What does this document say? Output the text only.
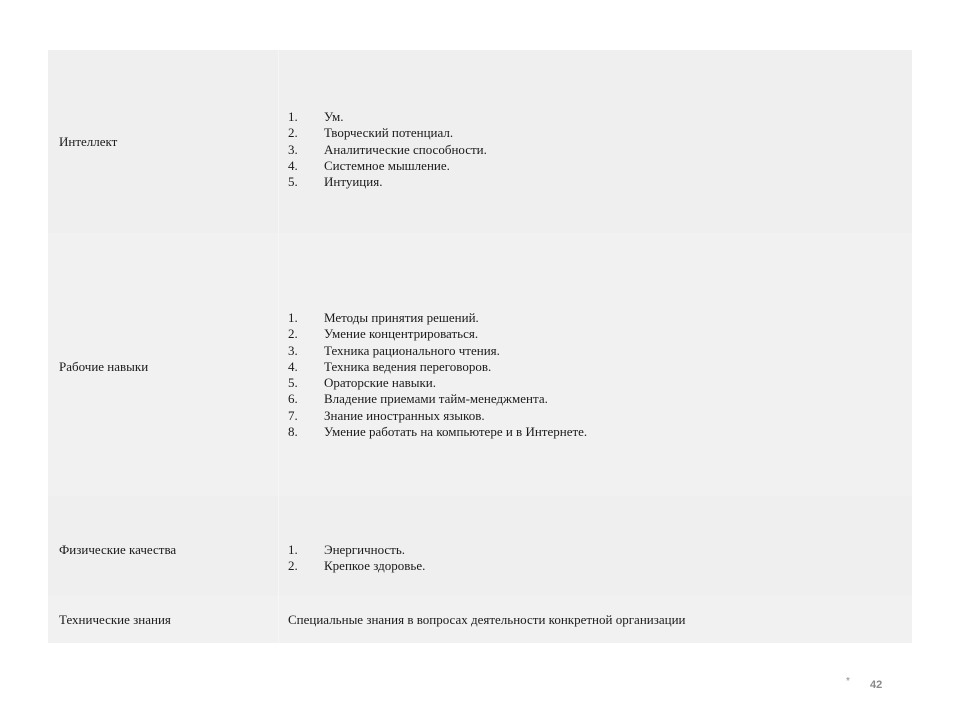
Интеллект
1. Ум.
2. Творческий потенциал.
3. Аналитические способности.
4. Системное мышление.
5. Интуиция.
Рабочие навыки
1. Методы принятия решений.
2. Умение концентрироваться.
3. Техника рационального чтения.
4. Техника ведения переговоров.
5. Ораторские навыки.
6. Владение приемами тайм-менеджмента.
7. Знание иностранных языков.
8. Умение работать на компьютере и в Интернете.
Физические качества	1. Энергичность.
2. Крепкое здоровье.
Технические знания	Специальные знания в вопросах деятельности конкретной организации
* 42
